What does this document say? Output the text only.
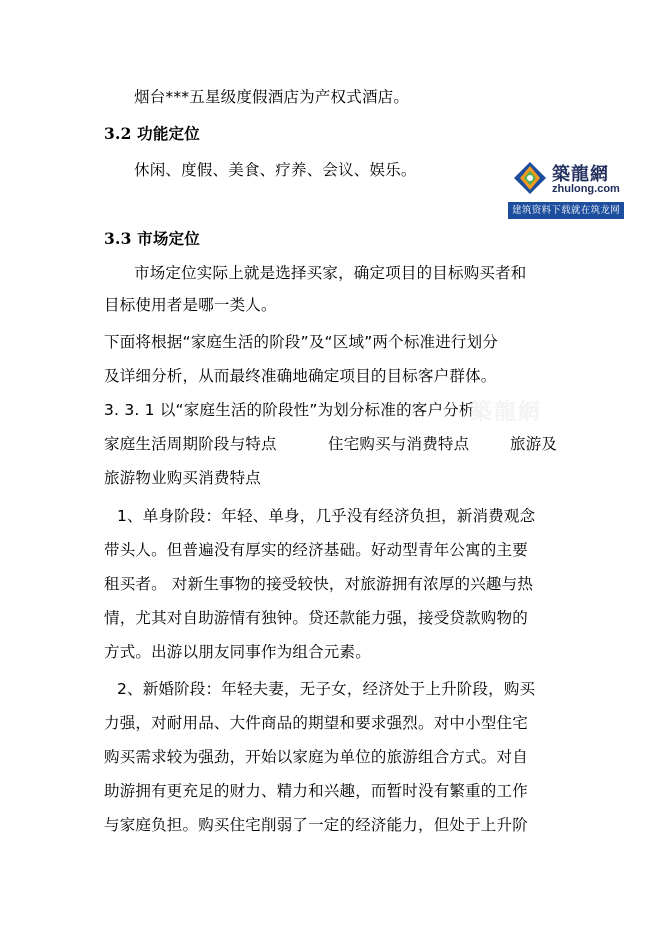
烟台***五星级度假酒店为产权式酒店。
3.2 功能定位
休闲、度假、美食、疗养、会议、娱乐。
3.3 市场定位
市场定位实际上就是选择买家，确定项目的目标购买者和
目标使用者是哪一类人。
下面将根据“家庭生活的阶段”及“区域”两个标准进行划分
及详细分析，从而最终准确地确定项目的目标客户群体。
3. 3. 1 以“家庭生活的阶段性”为划分标准的客户分析
家庭生活周期阶段与特点	住宅购买与消费特点	旅游及
旅游物业购买消费特点
1、单身阶段：年轻、单身，几乎没有经济负担，新消费观念
带头人。但普遍没有厚实的经济基础。好动型青年公寓的主要
租买者。 对新生事物的接受较快，对旅游拥有浓厚的兴趣与热
情，尤其对自助游情有独钟。贷还款能力强，接受贷款购物的
方式。出游以朋友同事作为组合元素。
2、新婚阶段：年轻夫妻，无子女，经济处于上升阶段，购买
力强，对耐用品、大件商品的期望和要求强烈。对中小型住宅
购买需求较为强劲，开始以家庭为单位的旅游组合方式。对自
助游拥有更充足的财力、精力和兴趣，而暂时没有繁重的工作
与家庭负担。购买住宅削弱了一定的经济能力，但处于上升阶
築龍網
築龍網
zhulong.com
建筑资料下载就在筑龙网
